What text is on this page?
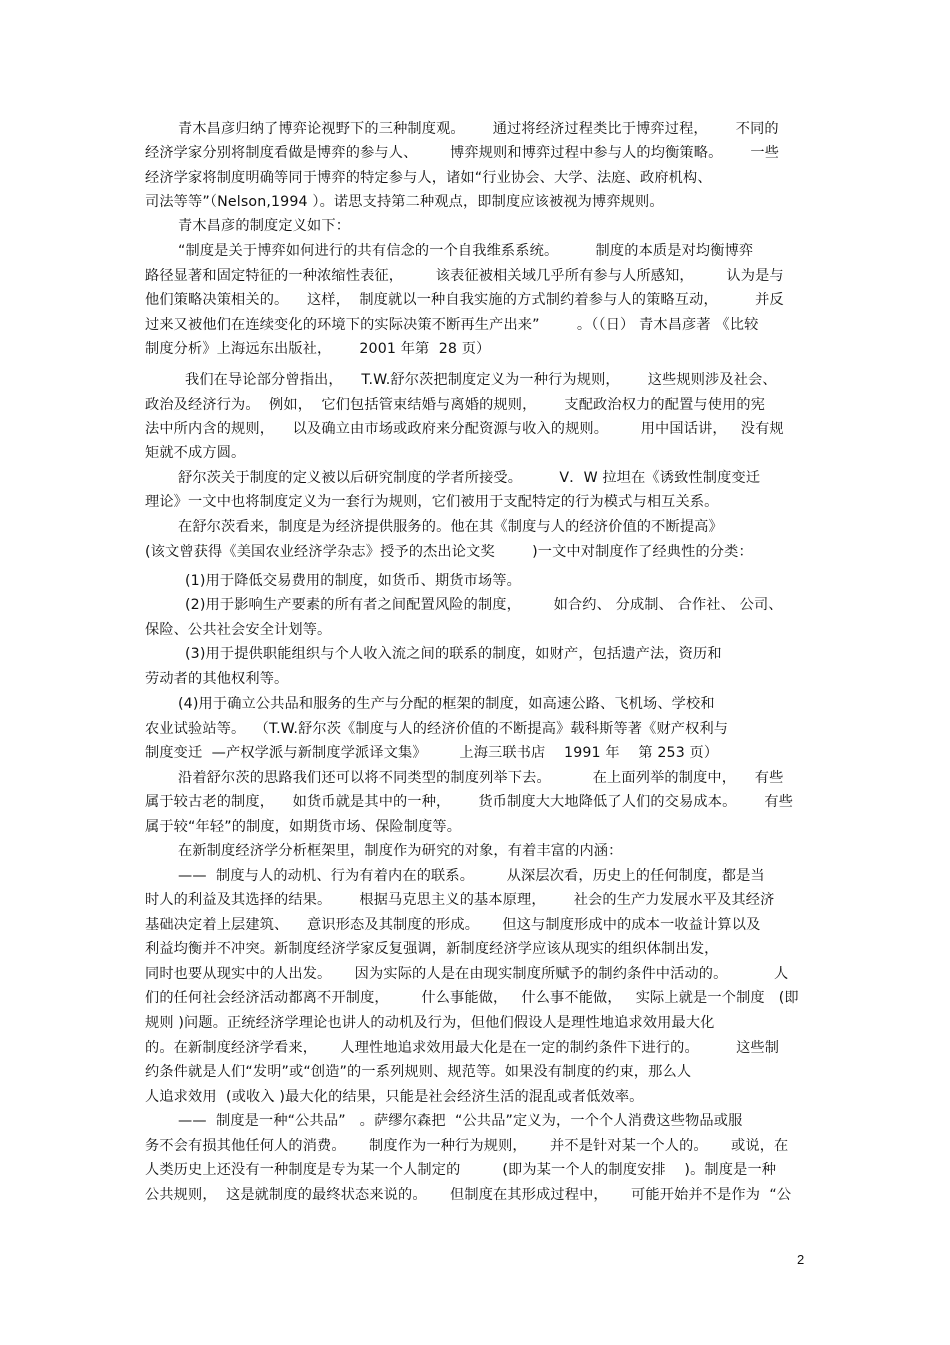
青木昌彦归纳了博弈论视野下的三种制度观。      通过将经济过程类比于博弈过程，      不同的
经济学家分别将制度看做是博弈的参与人、       博弈规则和博弈过程中参与人的均衡策略。      一些
经济学家将制度明确等同于博弈的特定参与人，诸如“行业协会、大学、法庭、政府机构、
司法等等”（Nelson,1994 ）。诺思支持第二种观点，即制度应该被视为博弈规则。
青木昌彦的制度定义如下：
“制度是关于博弈如何进行的共有信念的一个自我维系系统。        制度的本质是对均衡博弈
路径显著和固定特征的一种浓缩性表征，       该表征被相关域几乎所有参与人所感知，       认为是与
他们策略决策相关的。    这样，  制度就以一种自我实施的方式制约着参与人的策略互动，        并反
过来又被他们在连续变化的环境下的实际决策不断再生产出来”        。（（日） 青木昌彦著 《比较
制度分析》上海远东出版社，      2001 年第  28 页）
我们在导论部分曾指出，    T.W.舒尔茨把制度定义为一种行为规则，      这些规则涉及社会、
政治及经济行为。  例如，  它们包括管束结婚与离婚的规则，      支配政治权力的配置与使用的宪
法中所内含的规则，    以及确立由市场或政府来分配资源与收入的规则。       用中国话讲，   没有规
矩就不成方圆。
舒尔茨关于制度的定义被以后研究制度的学者所接受。        V．W 拉坦在《诱致性制度变迁
理论》一文中也将制度定义为一套行为规则，它们被用于支配特定的行为模式与相互关系。
在舒尔茨看来，制度是为经济提供服务的。他在其《制度与人的经济价值的不断提高》
(该文曾获得《美国农业经济学杂志》授予的杰出论文奖        )一文中对制度作了经典性的分类：
(1)用于降低交易费用的制度，如货币、期货市场等。
(2)用于影响生产要素的所有者之间配置风险的制度，       如合约、 分成制、 合作社、 公司、
保险、公共社会安全计划等。
(3)用于提供职能组织与个人收入流之间的联系的制度，如财产，包括遗产法，资历和
劳动者的其他权利等。
(4)用于确立公共品和服务的生产与分配的框架的制度，如高速公路、飞机场、学校和
农业试验站等。  （T.W.舒尔茨《制度与人的经济价值的不断提高》载科斯等著《财产权利与
制度变迁  —产权学派与新制度学派译文集》       上海三联书店    1991 年    第 253 页）
沿着舒尔茨的思路我们还可以将不同类型的制度列举下去。         在上面列举的制度中，    有些
属于较古老的制度，    如货币就是其中的一种，      货币制度大大地降低了人们的交易成本。      有些
属于较“年轻”的制度，如期货市场、保险制度等。
在新制度经济学分析框架里，制度作为研究的对象，有着丰富的内涵：
——  制度与人的动机、行为有着内在的联系。       从深层次看，历史上的任何制度，都是当
时人的利益及其选择的结果。      根据马克思主义的基本原理，      社会的生产力发展水平及其经济
基础决定着上层建筑、    意识形态及其制度的形成。     但这与制度形成中的成本一收益计算以及
利益均衡并不冲突。新制度经济学家反复强调，新制度经济学应该从现实的组织体制出发，
同时也要从现实中的人出发。     因为实际的人是在由现实制度所赋予的制约条件中活动的。          人
们的任何社会经济活动都离不开制度，       什么事能做，   什么事不能做，   实际上就是一个制度   (即
规则 )问题。正统经济学理论也讲人的动机及行为，但他们假设人是理性地追求效用最大化
的。在新制度经济学看来，     人理性地追求效用最大化是在一定的制约条件下进行的。        这些制
约条件就是人们“发明”或“创造”的一系列规则、规范等。如果没有制度的约束，那么人
人追求效用  (或收入 )最大化的结果，只能是社会经济生活的混乱或者低效率。
——  制度是一种“公共品”   。萨缪尔森把  “公共品”定义为，一个个人消费这些物品或服
务不会有损其他任何人的消费。     制度作为一种行为规则，     并不是针对某一个人的。     或说，在
人类历史上还没有一种制度是专为某一个人制定的         (即为某一个人的制度安排    )。制度是一种
公共规则，  这是就制度的最终状态来说的。     但制度在其形成过程中，     可能开始并不是作为  “公
2
